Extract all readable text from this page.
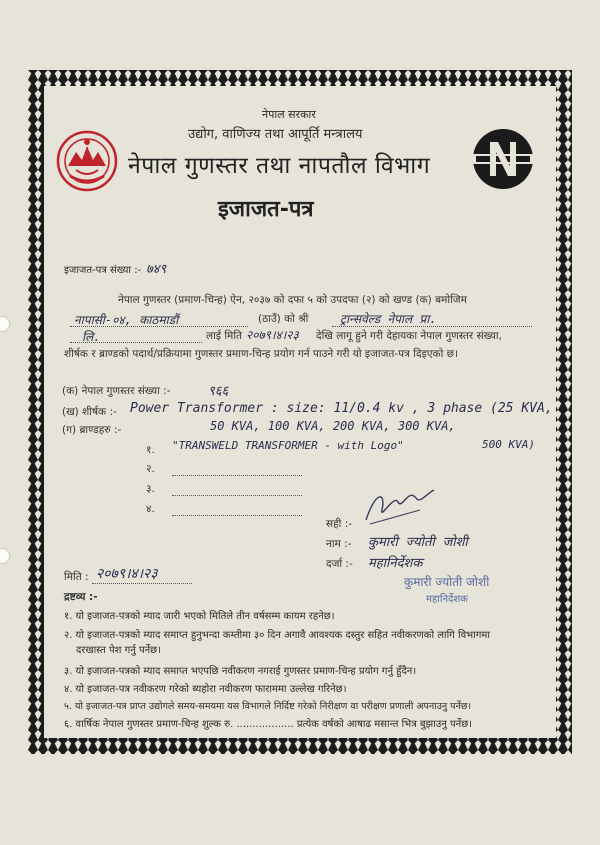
नेपाल सरकार
उद्योग, वाणिज्य तथा आपूर्ति मन्त्रालय
नेपाल गुणस्तर तथा नापतौल विभाग
इजाजत-पत्र
इजाजत-पत्र संख्या :- ७४९
नेपाल गुणस्तर (प्रमाण-चिन्ह) ऐन, २०३७ को दफा ५ को उपदफा (२) को खण्ड (क) बमोजिम
नापासी-०४, काठमाडौं	(ठाउँ) को श्री	ट्रान्सवेल्ड नेपाल प्रा.
लि.	लाई मिति २०७९।४।२३ देखि लागू हुने गरी देहायका नेपाल गुणस्तर संख्या,
शीर्षक र ब्राण्डको पदार्थ/प्रक्रियामा गुणस्तर प्रमाण-चिन्ह प्रयोग गर्न पाउने गरी यो इजाजत-पत्र दिइएको छ।
(क) नेपाल गुणस्तर संख्या :-	९६६
(ख) शीर्षक :- Power Transformer : size: 11/0.4 kv , 3 phase (25 KVA,
50 KVA, 100 KVA, 200 KVA, 300 KVA,
(ग) ब्राण्डहरु :-
१. "TRANSWELD TRANSFORMER - with Logo"	500 KVA)
२.
३.
४.
सही :-
नाम :- कुमारी ज्योती जोशी
दर्जा :- महानिर्देशक
कुमारी ज्योती जोशी
महानिर्देशक
मिति : २०७९।४।२३
द्रष्टव्य :-
१. यो इजाजत-पत्रको म्याद जारी भएको मितिले तीन वर्षसम्म कायम रहनेछ।
२. यो इजाजत-पत्रको म्याद समाप्त हुनुभन्दा कम्तीमा ३० दिन अगावै आवश्यक दस्तुर सहित नवीकरणको लागि विभागमा
दरखास्त पेश गर्नु पर्नेछ।
३. यो इजाजत-पत्रको म्याद समाप्त भएपछि नवीकरण नगराई गुणस्तर प्रमाण-चिन्ह प्रयोग गर्नु हुँदैन।
४. यो इजाजत-पत्र नवीकरण गरेको ब्यहोरा नवीकरण फाराममा उल्लेख गरिनेछ।
५. यो इजाजत-पत्र प्राप्त उद्योगले समय-समयमा यस विभागले निर्दिष्ट गरेको निरीक्षण वा परीक्षण प्रणाली अपनाउनु पर्नेछ।
६. वार्षिक नेपाल गुणस्तर प्रमाण-चिन्ह शुल्क रु. .................. प्रत्येक वर्षको आषाढ मसान्त भित्र बुझाउनु पर्नेछ।
